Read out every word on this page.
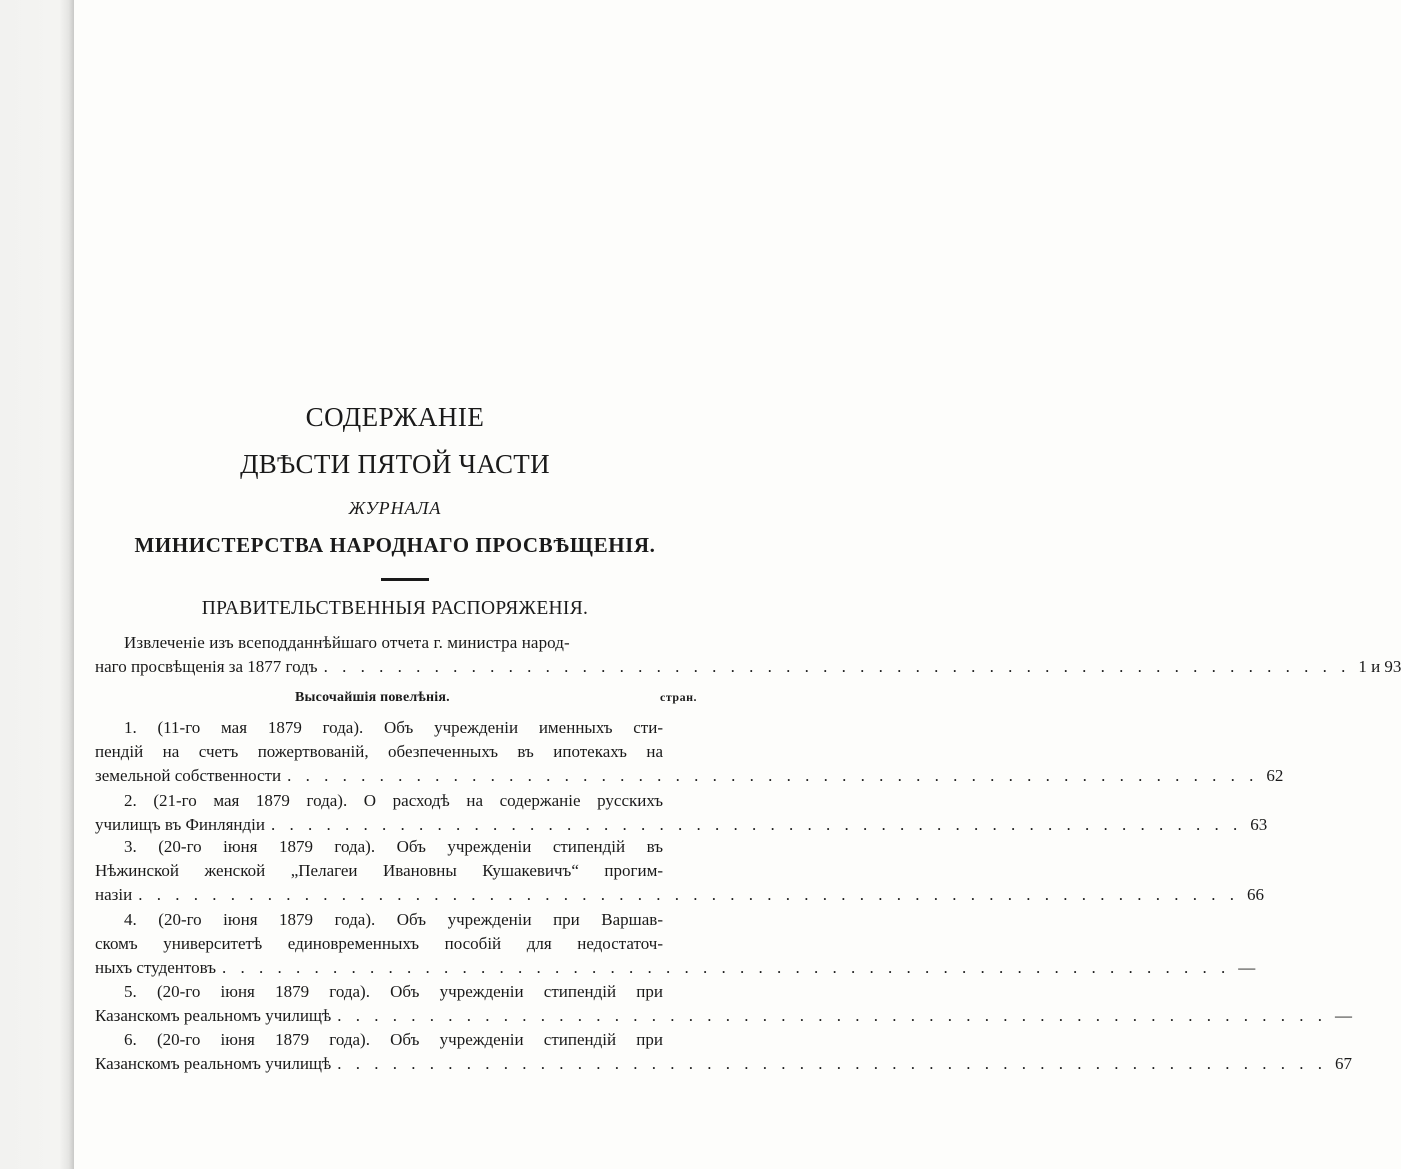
СОДЕРЖАНІЕ
ДВѢСТИ ПЯТОЙ ЧАСТИ
ЖУРНАЛА
МИНИСТЕРСТВА НАРОДНАГО ПРОСВѢЩЕНІЯ.
ПРАВИТЕЛЬСТВЕННЫЯ РАСПОРЯЖЕНІЯ.
Извлеченіе изъ всеподданнѣйшаго отчета г. министра народ-
наго просвѣщенія за 1877 годъ . . . . . . . . . . . . . . . . . . . . . . . . . . . . . . . . . . . . . . . . . . . . . . . . . . . . . . . . 1 и 93
Высочайшія повелѣнія.	стран.
1. (11-го мая 1879 года). Объ учрежденіи именныхъ сти-
пендій на счетъ пожертвованій, обезпеченныхъ въ ипотекахъ на
земельной собственности . . . . . . . . . . . . . . . . . . . . . . . . . . . . . . . . . . . . . . . . . . . . . . . . . . . . . 62
2. (21-го мая 1879 года). О расходѣ на содержаніе русскихъ
училищъ въ Финляндіи . . . . . . . . . . . . . . . . . . . . . . . . . . . . . . . . . . . . . . . . . . . . . . . . . . . . . 63
3. (20-го іюня 1879 года). Объ учрежденіи стипендій въ
Нѣжинской женской „Пелагеи Ивановны Кушакевичъ“ прогим-
назіи . . . . . . . . . . . . . . . . . . . . . . . . . . . . . . . . . . . . . . . . . . . . . . . . . . . . . . . . . . . . 66
4. (20-го іюня 1879 года). Объ учрежденіи при Варшав-
скомъ университетѣ единовременныхъ пособій для недостаточ-
ныхъ студентовъ . . . . . . . . . . . . . . . . . . . . . . . . . . . . . . . . . . . . . . . . . . . . . . . . . . . . . . . —
5. (20-го іюня 1879 года). Объ учрежденіи стипендій при
Казанскомъ реальномъ училищѣ . . . . . . . . . . . . . . . . . . . . . . . . . . . . . . . . . . . . . . . . . . . . . . . . . . . . . . —
6. (20-го іюня 1879 года). Объ учрежденіи стипендій при
Казанскомъ реальномъ училищѣ . . . . . . . . . . . . . . . . . . . . . . . . . . . . . . . . . . . . . . . . . . . . . . . . . . . . . . 67
